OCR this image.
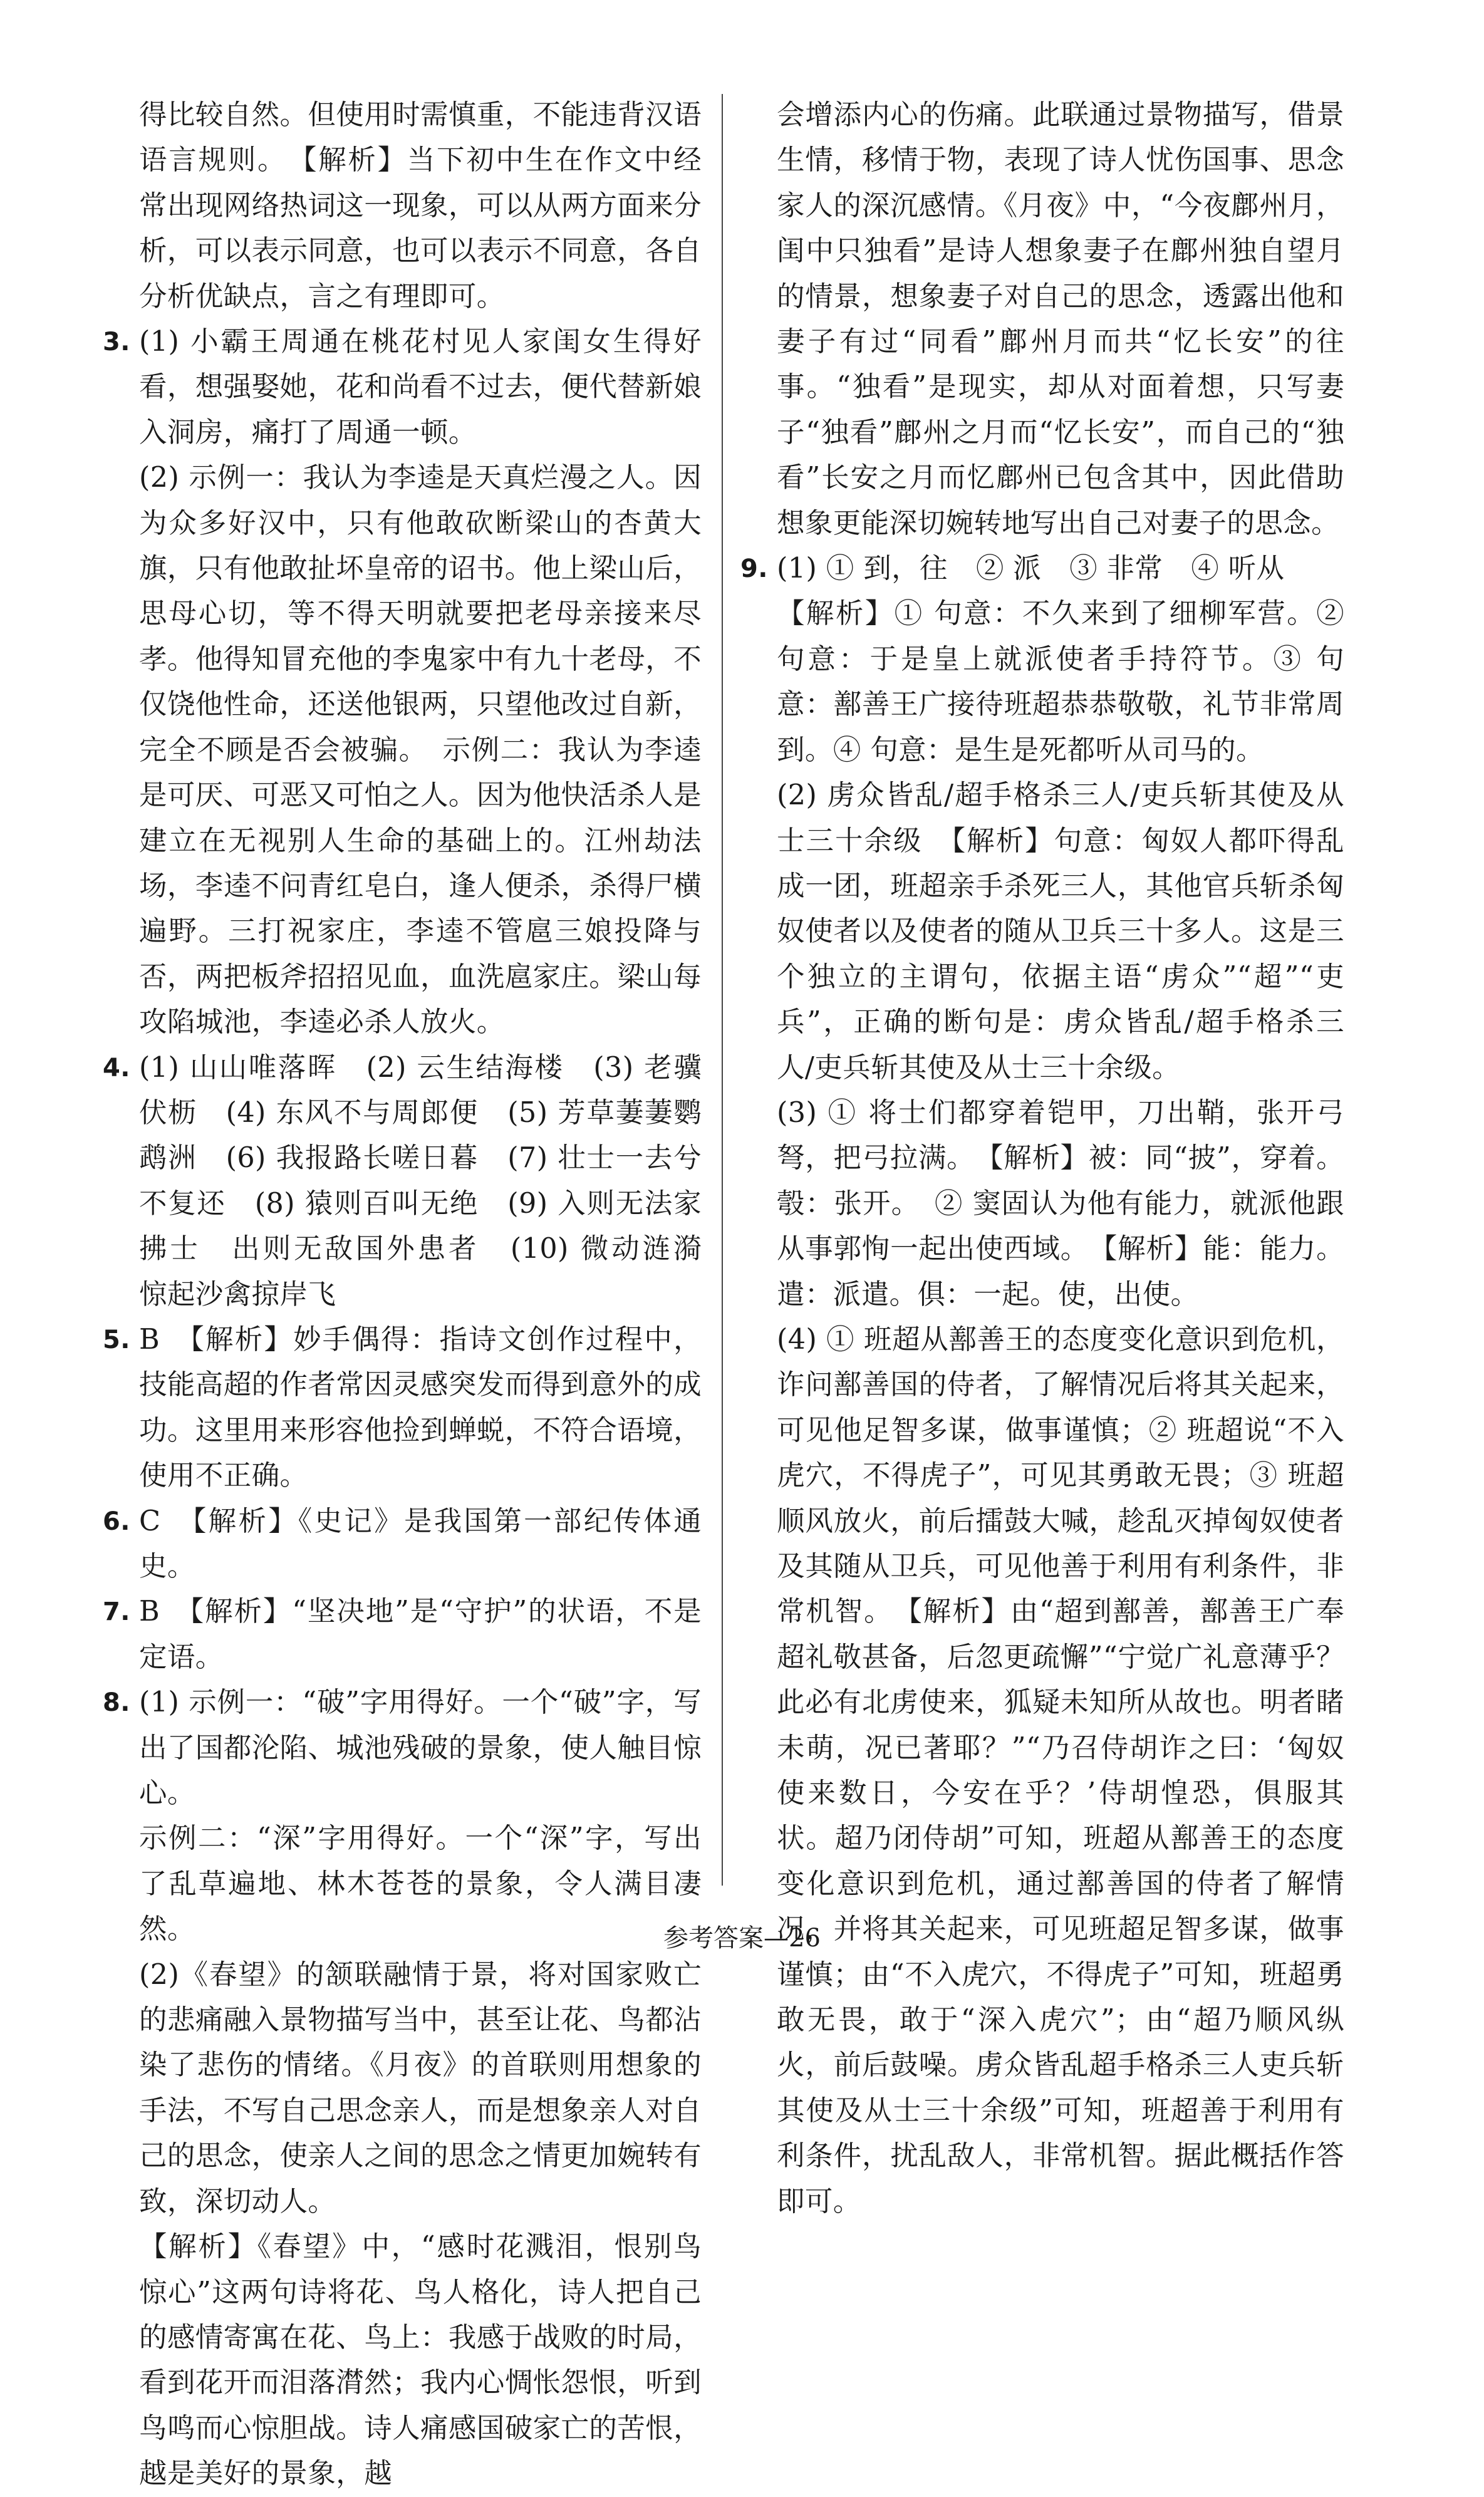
得比较自然。但使用时需慎重，不能违背汉语语言规则。　【解析】当下初中生在作文中经常出现网络热词这一现象，可以从两方面来分析，可以表示同意，也可以表示不同意，各自分析优缺点，言之有理即可。

3. (1) 小霸王周通在桃花村见人家闺女生得好看，想强娶她，花和尚看不过去，便代替新娘入洞房，痛打了周通一顿。

(2) 示例一：我认为李逵是天真烂漫之人。因为众多好汉中，只有他敢砍断梁山的杏黄大旗，只有他敢扯坏皇帝的诏书。他上梁山后，思母心切，等不得天明就要把老母亲接来尽孝。他得知冒充他的李鬼家中有九十老母，不仅饶他性命，还送他银两，只望他改过自新，完全不顾是否会被骗。　示例二：我认为李逵是可厌、可恶又可怕之人。因为他快活杀人是建立在无视别人生命的基础上的。江州劫法场，李逵不问青红皂白，逢人便杀，杀得尸横遍野。三打祝家庄，李逵不管扈三娘投降与否，两把板斧招招见血，血洗扈家庄。梁山每攻陷城池，李逵必杀人放火。

4. (1) 山山唯落晖　(2) 云生结海楼　(3) 老骥伏枥　(4) 东风不与周郎便　(5) 芳草萋萋鹦鹉洲　(6) 我报路长嗟日暮　(7) 壮士一去兮不复还　(8) 猿则百叫无绝　(9) 入则无法家拂士　出则无敌国外患者　(10) 微动涟漪　惊起沙禽掠岸飞

5. B　【解析】妙手偶得：指诗文创作过程中，技能高超的作者常因灵感突发而得到意外的成功。这里用来形容他捡到蝉蜕，不符合语境，使用不正确。

6. C　【解析】《史记》是我国第一部纪传体通史。

7. B　【解析】“坚决地”是“守护”的状语，不是定语。

8. (1) 示例一：“破”字用得好。一个“破”字，写出了国都沦陷、城池残破的景象，使人触目惊心。

示例二：“深”字用得好。一个“深”字，写出了乱草遍地、林木苍苍的景象，令人满目凄然。

(2)《春望》的颔联融情于景，将对国家败亡的悲痛融入景物描写当中，甚至让花、鸟都沾染了悲伤的情绪。《月夜》的首联则用想象的手法，不写自己思念亲人，而是想象亲人对自己的思念，使亲人之间的思念之情更加婉转有致，深切动人。

【解析】《春望》中，“感时花溅泪，恨别鸟惊心”这两句诗将花、鸟人格化，诗人把自己的感情寄寓在花、鸟上：我感于战败的时局，看到花开而泪落潸然；我内心惆怅怨恨，听到鸟鸣而心惊胆战。诗人痛感国破家亡的苦恨，越是美好的景象，越

会增添内心的伤痛。此联通过景物描写，借景生情，移情于物，表现了诗人忧伤国事、思念家人的深沉感情。《月夜》中，“今夜鄜州月，闺中只独看”是诗人想象妻子在鄜州独自望月的情景，想象妻子对自己的思念，透露出他和妻子有过“同看”鄜州月而共“忆长安”的往事。“独看”是现实，却从对面着想，只写妻子“独看”鄜州之月而“忆长安”，而自己的“独看”长安之月而忆鄜州已包含其中，因此借助想象更能深切婉转地写出自己对妻子的思念。

9. (1) ① 到，往　② 派　③ 非常　④ 听从

【解析】① 句意：不久来到了细柳军营。② 句意：于是皇上就派使者手持符节。③ 句意：鄯善王广接待班超恭恭敬敬，礼节非常周到。④ 句意：是生是死都听从司马的。

(2) 虏众皆乱/超手格杀三人/吏兵斩其使及从士三十余级　【解析】句意：匈奴人都吓得乱成一团，班超亲手杀死三人，其他官兵斩杀匈奴使者以及使者的随从卫兵三十多人。这是三个独立的主谓句，依据主语“虏众”“超”“吏兵”，正确的断句是：虏众皆乱/超手格杀三人/吏兵斩其使及从士三十余级。

(3) ① 将士们都穿着铠甲，刀出鞘，张开弓弩，把弓拉满。　【解析】被：同“披”，穿着。彀：张开。　② 窦固认为他有能力，就派他跟从事郭恂一起出使西域。　【解析】能：能力。遣：派遣。俱：一起。使，出使。

(4) ① 班超从鄯善王的态度变化意识到危机，诈问鄯善国的侍者，了解情况后将其关起来，可见他足智多谋，做事谨慎；② 班超说“不入虎穴，不得虎子”，可见其勇敢无畏；③ 班超顺风放火，前后擂鼓大喊，趁乱灭掉匈奴使者及其随从卫兵，可见他善于利用有利条件，非常机智。　【解析】由“超到鄯善，鄯善王广奉超礼敬甚备，后忽更疏懈”“宁觉广礼意薄乎？此必有北虏使来，狐疑未知所从故也。明者睹未萌，况已著耶？”“乃召侍胡诈之曰：‘匈奴使来数日，今安在乎？’侍胡惶恐，俱服其状。超乃闭侍胡”可知，班超从鄯善王的态度变化意识到危机，通过鄯善国的侍者了解情况，并将其关起来，可见班超足智多谋，做事谨慎；由“不入虎穴，不得虎子”可知，班超勇敢无畏，敢于“深入虎穴”；由“超乃顺风纵火，前后鼓噪。虏众皆乱超手格杀三人吏兵斩其使及从士三十余级”可知，班超善于利用有利条件，扰乱敌人，非常机智。据此概括作答即可。

参考答案—26
